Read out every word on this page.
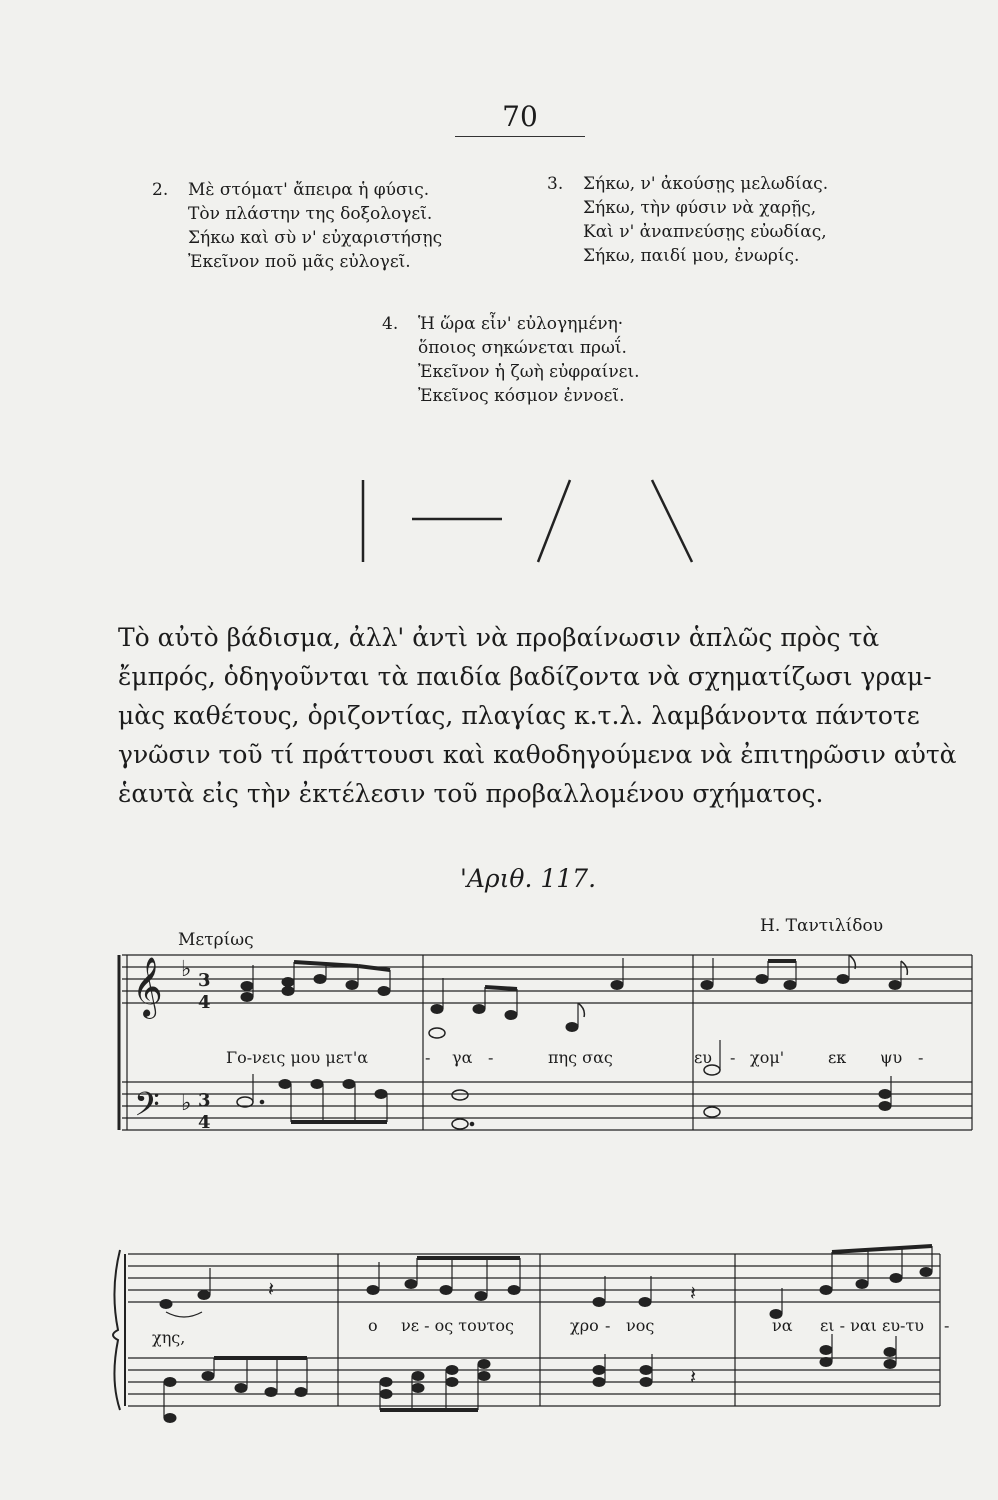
70
2. Μὲ στόματ' ἄπειρα ἡ φύσις.
Τὸν πλάστην της δοξολογεῖ.
Σήκω καὶ σὺ ν' εὐχαριστήσῃς
Ἐκεῖνον ποῦ μᾶς εὐλογεῖ.
3. Σήκω, ν' ἀκούσῃς μελωδίας.
Σήκω, τὴν φύσιν νὰ χαρῇς,
Καὶ ν' ἀναπνεύσῃς εὐωδίας,
Σήκω, παιδί μου, ἐνωρίς.
4. Ἡ ὥρα εἶν' εὐλογημένη·
ὅποιος σηκώνεται πρωΐ.
Ἐκεῖνον ἡ ζωὴ εὐφραίνει.
Ἐκεῖνος κόσμον ἐννοεῖ.
Τὸ αὐτὸ βάδισμα, ἀλλ' ἀντὶ νὰ προβαίνωσιν ἁπλῶς πρὸς τὰ
ἔμπρός, ὁδηγοῦνται τὰ παιδία βαδίζοντα νὰ σχηματίζωσι γραμ-
μὰς καθέτους, ὁριζοντίας, πλαγίας κ.τ.λ. λαμβάνοντα πάντοτε
γνῶσιν τοῦ τί πράττουσι καὶ καθοδηγούμενα νὰ ἐπιτηρῶσιν αὐτὰ
ἑαυτὰ εἰς τὴν ἐκτέλεσιν τοῦ προβαλλομένου σχήματος.
'Αριθ. 117.
Μετρίως
Η. Ταντιλίδου
𝄞 ♭ 3
4
𝄢 ♭ 3
4
𝄽	𝄽
𝄽
Γο-νεις μου μετ'α	- γα -	πης σας	ευ - χομ'	εκ ψυ -
χης,
ο νε - ος τουτος	χρο - νος	να ει - ναι ευ-τυ -
